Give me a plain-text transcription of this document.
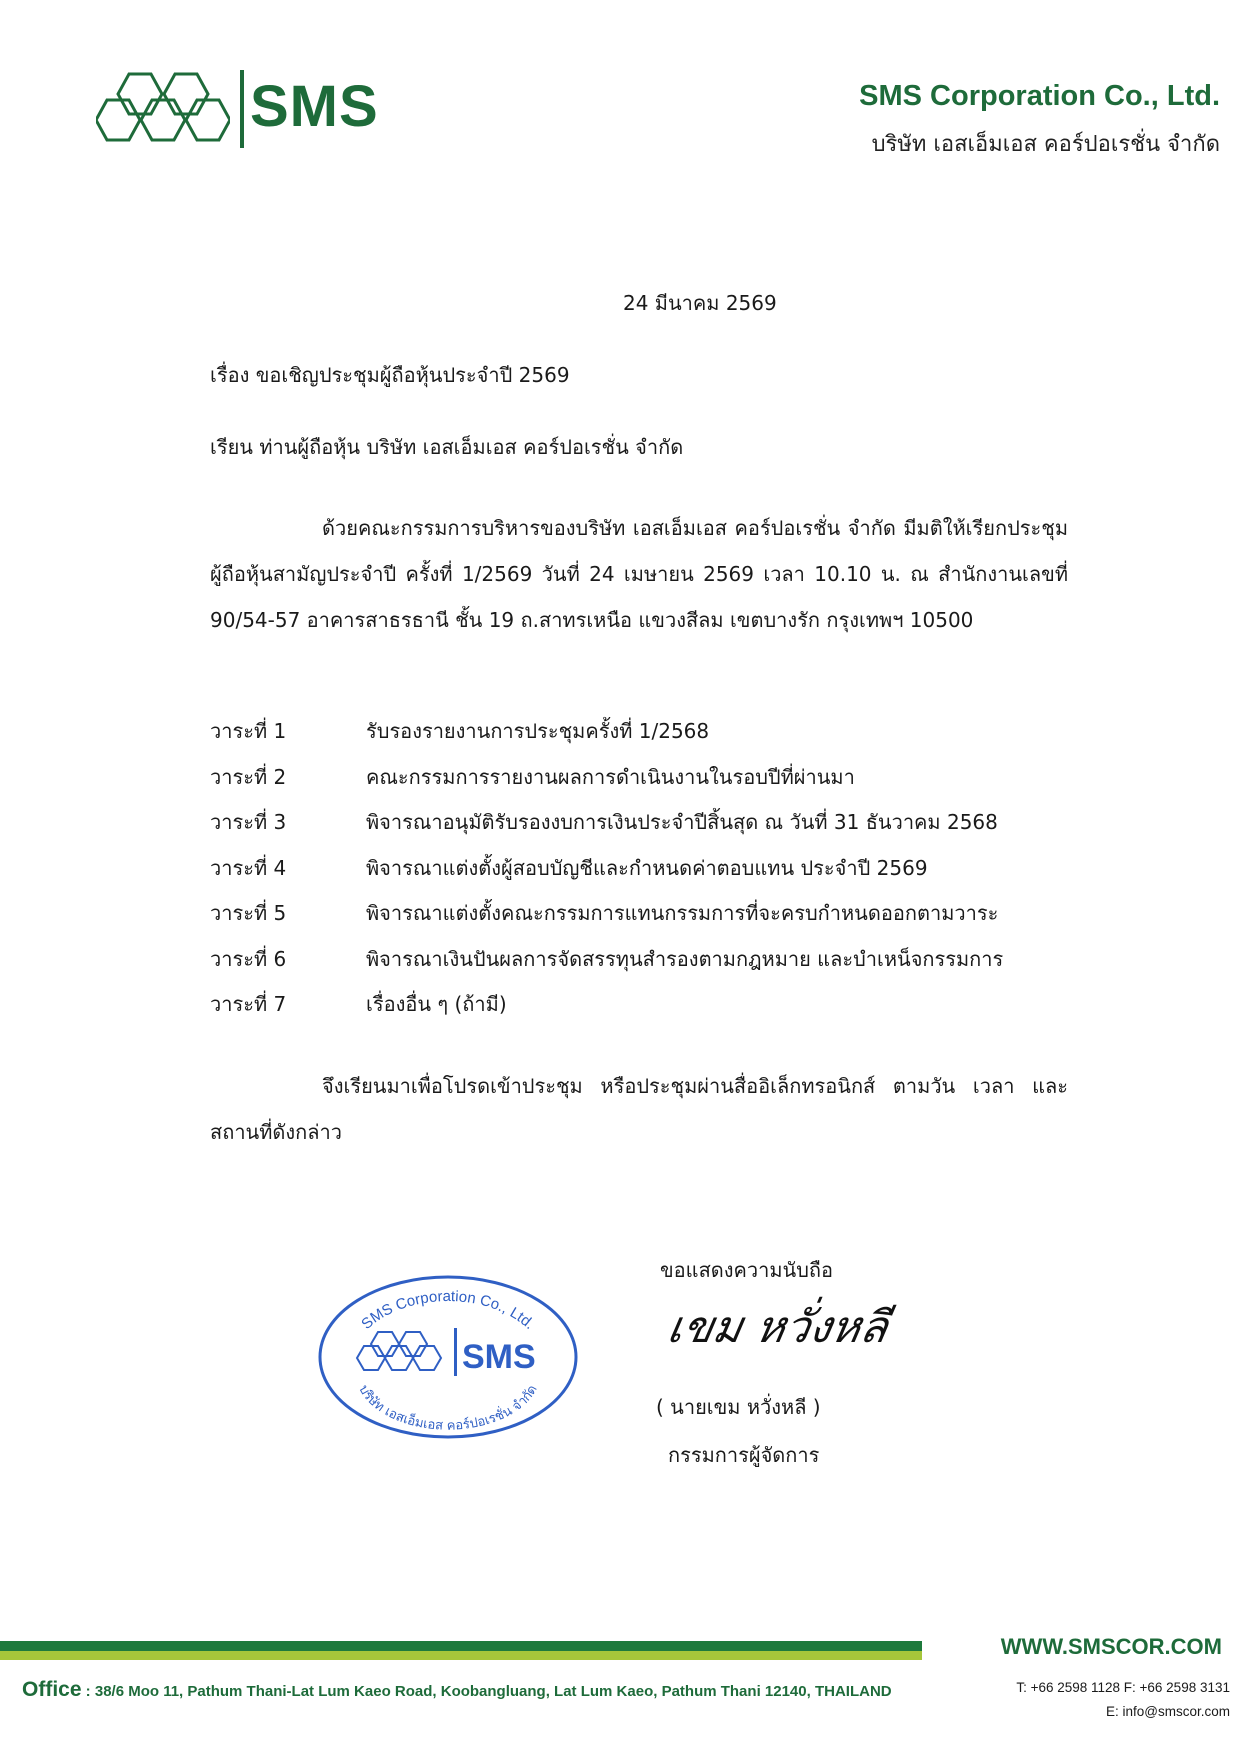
SMS	SMS Corporation Co., Ltd.
บริษัท เอสเอ็มเอส คอร์ปอเรชั่น จำกัด
24 มีนาคม 2569
เรื่อง ขอเชิญประชุมผู้ถือหุ้นประจำปี 2569
เรียน ท่านผู้ถือหุ้น บริษัท เอสเอ็มเอส คอร์ปอเรชั่น จำกัด
ด้วยคณะกรรมการบริหารของบริษัท เอสเอ็มเอส คอร์ปอเรชั่น จำกัด มีมติให้เรียกประชุมผู้ถือหุ้นสามัญประจำปี ครั้งที่ 1/2569 วันที่ 24 เมษายน 2569 เวลา 10.10 น. ณ สำนักงานเลขที่ 90/54-57 อาคารสาธรธานี ชั้น 19 ถ.สาทรเหนือ แขวงสีลม เขตบางรัก กรุงเทพฯ 10500
วาระที่ 1	รับรองรายงานการประชุมครั้งที่ 1/2568
วาระที่ 2	คณะกรรมการรายงานผลการดำเนินงานในรอบปีที่ผ่านมา
วาระที่ 3	พิจารณาอนุมัติรับรองงบการเงินประจำปีสิ้นสุด ณ วันที่ 31 ธันวาคม 2568
วาระที่ 4	พิจารณาแต่งตั้งผู้สอบบัญชีและกำหนดค่าตอบแทน ประจำปี 2569
วาระที่ 5	พิจารณาแต่งตั้งคณะกรรมการแทนกรรมการที่จะครบกำหนดออกตามวาระ
วาระที่ 6	พิจารณาเงินปันผลการจัดสรรทุนสำรองตามกฎหมาย และบำเหน็จกรรมการ
วาระที่ 7	เรื่องอื่น ๆ (ถ้ามี)
จึงเรียนมาเพื่อโปรดเข้าประชุม หรือประชุมผ่านสื่ออิเล็กทรอนิกส์ ตามวัน เวลา และสถานที่ดังกล่าว
ขอแสดงความนับถือ
เขม หวั่งหลี
( นายเขม หวั่งหลี )
กรรมการผู้จัดการ
SMS Corporation Co., Ltd.
SMS
บริษัท เอสเอ็มเอส คอร์ปอเรชั่น จำกัด
WWW.SMSCOR.COM
Office : 38/6 Moo 11, Pathum Thani-Lat Lum Kaeo Road, Koobangluang, Lat Lum Kaeo, Pathum Thani 12140, THAILAND	T: +66 2598 1128 F: +66 2598 3131
E: info@smscor.com
